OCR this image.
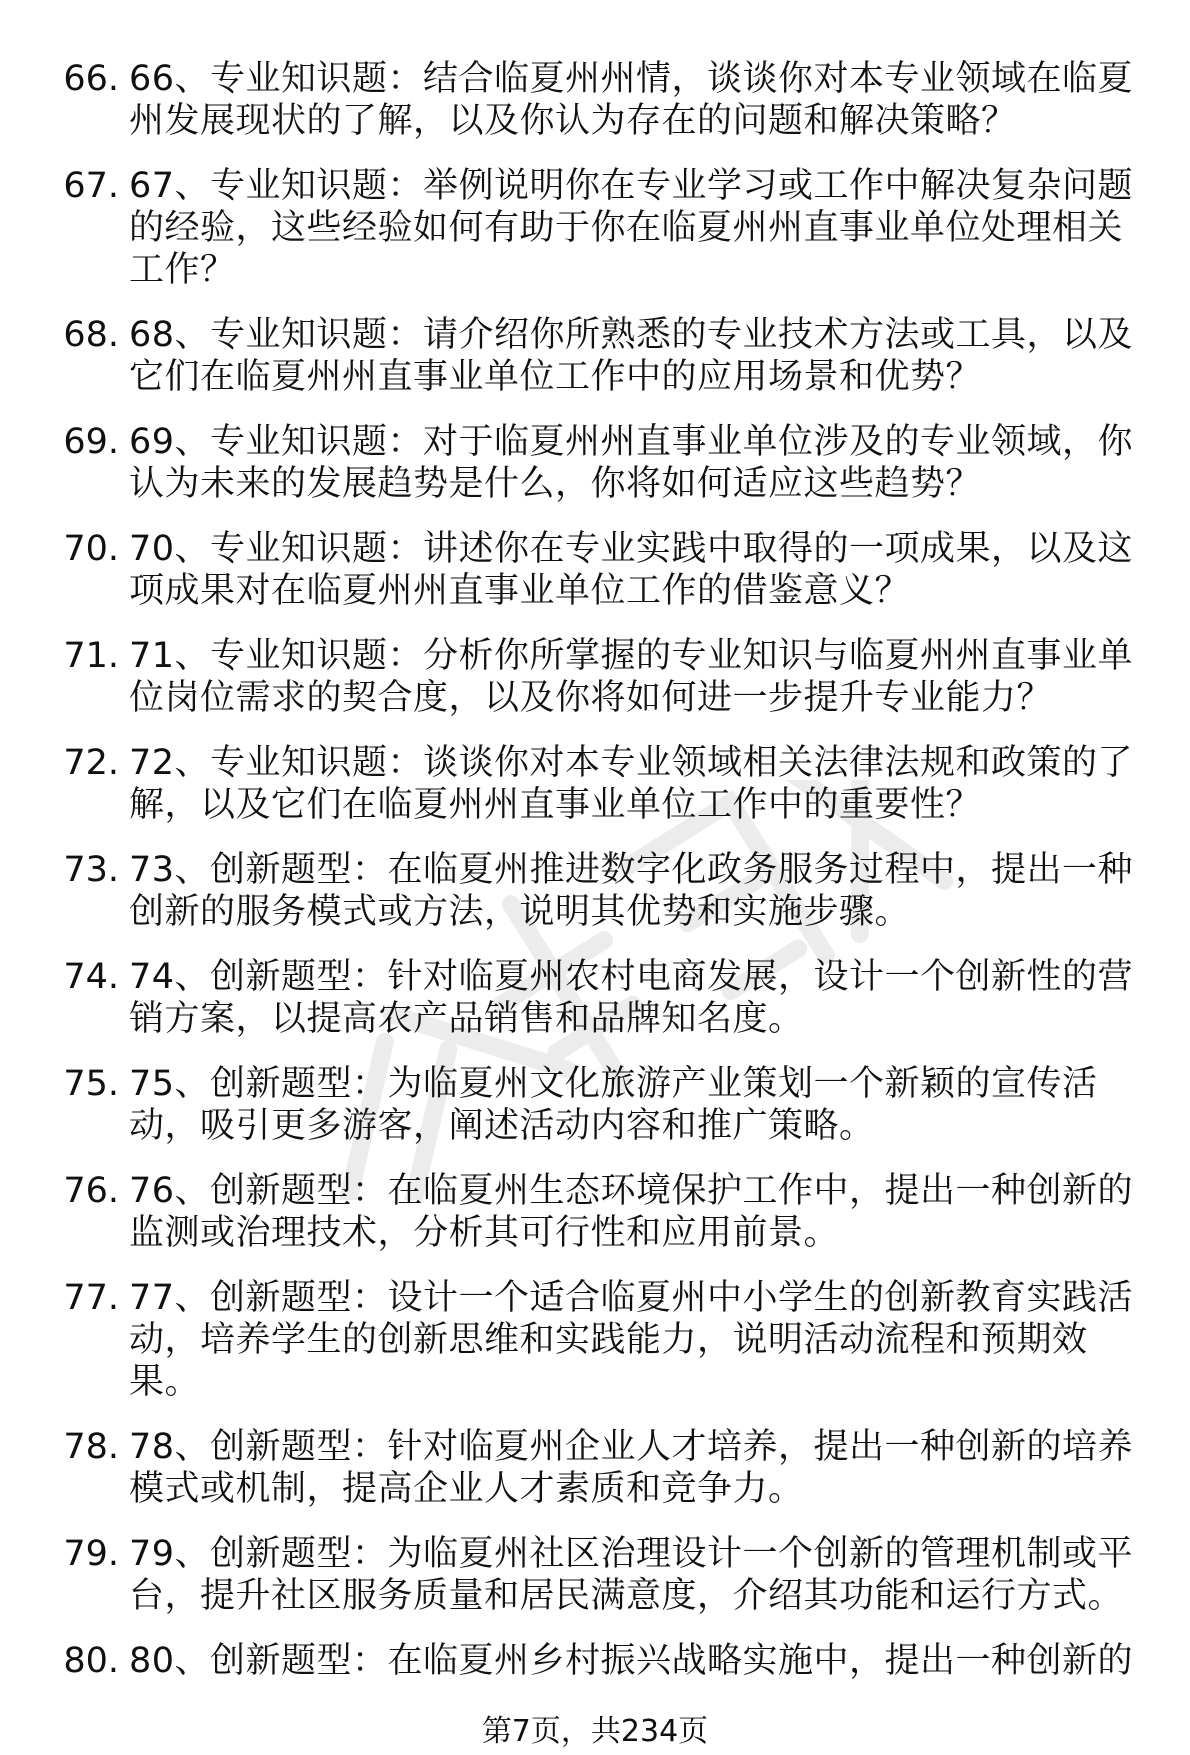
66. 66、专业知识题：结合临夏州州情，谈谈你对本专业领域在临夏州发展现状的了解，以及你认为存在的问题和解决策略？
67. 67、专业知识题：举例说明你在专业学习或工作中解决复杂问题的经验，这些经验如何有助于你在临夏州州直事业单位处理相关工作？
68. 68、专业知识题：请介绍你所熟悉的专业技术方法或工具，以及它们在临夏州州直事业单位工作中的应用场景和优势？
69. 69、专业知识题：对于临夏州州直事业单位涉及的专业领域，你认为未来的发展趋势是什么，你将如何适应这些趋势？
70. 70、专业知识题：讲述你在专业实践中取得的一项成果，以及这项成果对在临夏州州直事业单位工作的借鉴意义？
71. 71、专业知识题：分析你所掌握的专业知识与临夏州州直事业单位岗位需求的契合度，以及你将如何进一步提升专业能力？
72. 72、专业知识题：谈谈你对本专业领域相关法律法规和政策的了解，以及它们在临夏州州直事业单位工作中的重要性？
73. 73、创新题型：在临夏州推进数字化政务服务过程中，提出一种创新的服务模式或方法，说明其优势和实施步骤。
74. 74、创新题型：针对临夏州农村电商发展，设计一个创新性的营销方案，以提高农产品销售和品牌知名度。
75. 75、创新题型：为临夏州文化旅游产业策划一个新颖的宣传活动，吸引更多游客，阐述活动内容和推广策略。
76. 76、创新题型：在临夏州生态环境保护工作中，提出一种创新的监测或治理技术，分析其可行性和应用前景。
77. 77、创新题型：设计一个适合临夏州中小学生的创新教育实践活动，培养学生的创新思维和实践能力，说明活动流程和预期效果。
78. 78、创新题型：针对临夏州企业人才培养，提出一种创新的培养模式或机制，提高企业人才素质和竞争力。
79. 79、创新题型：为临夏州社区治理设计一个创新的管理机制或平台，提升社区服务质量和居民满意度，介绍其功能和运行方式。
80. 80、创新题型：在临夏州乡村振兴战略实施中，提出一种创新的
第7页，共234页
